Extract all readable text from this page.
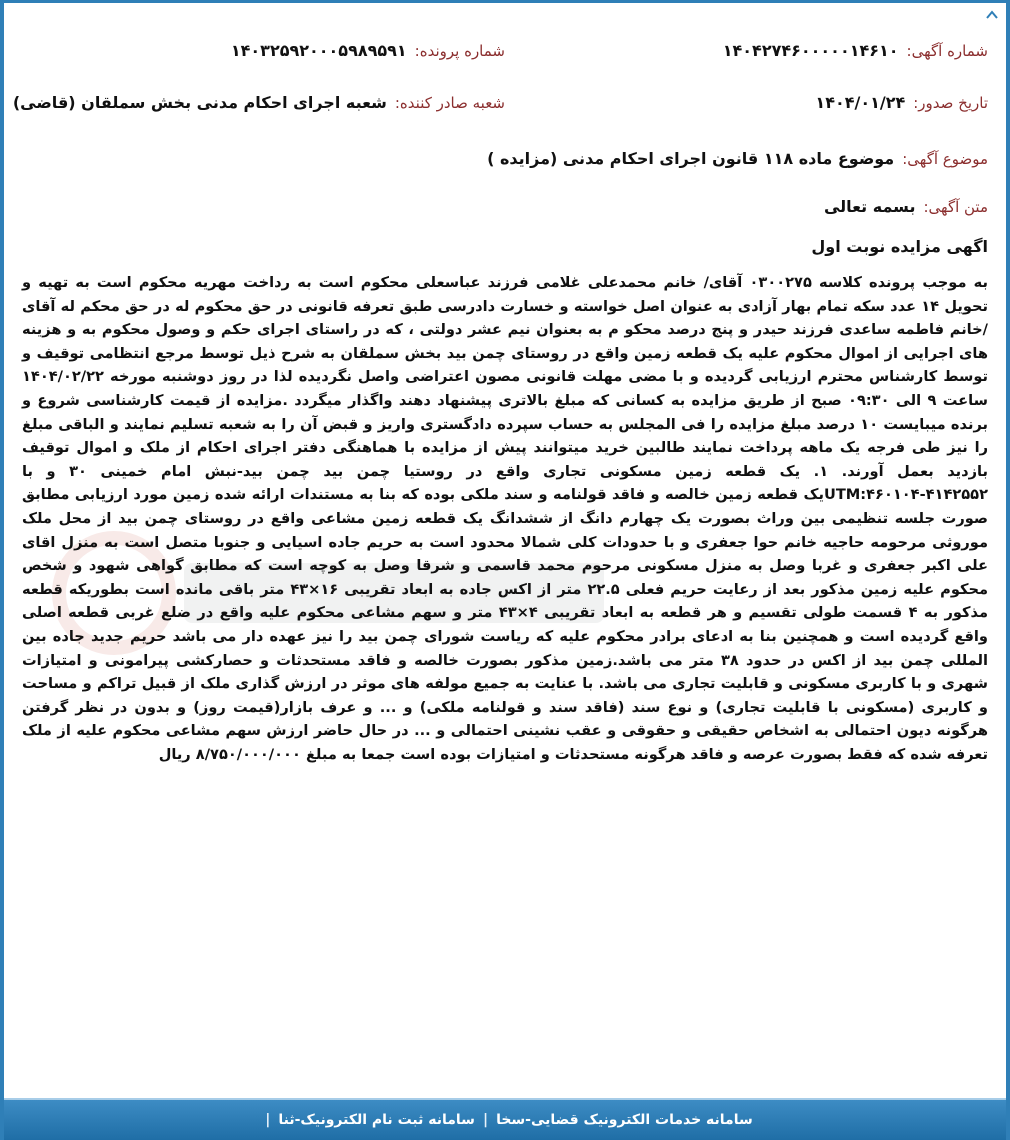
شماره آگهی:
۱۴۰۴۲۷۴۶۰۰۰۰۰۱۴۶۱۰
شماره پرونده:
۱۴۰۳۲۵۹۲۰۰۰۵۹۸۹۵۹۱
تاریخ صدور:
۱۴۰۴/۰۱/۲۴
شعبه صادر کننده:
شعبه اجرای احکام مدنی بخش سملقان (قاضی)
موضوع آگهی:
موضوع ماده ۱۱۸ قانون اجرای احکام مدنی (مزایده )
متن آگهی:
بسمه تعالی
اگهی مزایده نوبت اول
به موجب پرونده کلاسه ۰۳۰۰۲۷۵ آقای/ خانم محمدعلی غلامی فرزند عباسعلی محکوم است به رداخت مهریه محکوم است به تهیه و تحویل ۱۴ عدد سکه تمام بهار آزادی به عنوان اصل خواسته و خسارت دادرسی طبق تعرفه قانونی در حق محکوم له در حق محکم له آقای /خانم فاطمه ساعدی فرزند حیدر و پنج درصد محکو م به بعنوان نیم عشر دولتی ، که در راستای اجرای حکم و وصول محکوم به و هزینه های اجرایی از اموال محکوم علیه یک قطعه زمین واقع در روستای چمن بید بخش سملقان به شرح ذیل توسط مرجع انتظامی توقیف و توسط کارشناس محترم ارزیابی گردیده و با مضی مهلت قانونی مصون اعتراضی واصل نگردیده لذا در روز دوشنبه مورخه ۱۴۰۴/۰۲/۲۲ ساعت ۹ الی ۰۹:۳۰ صبح از طریق مزایده به کسانی که مبلغ بالاتری پیشنهاد دهند واگذار میگردد .مزایده از قیمت کارشناسی شروع و برنده میبایست ۱۰ درصد مبلغ مزایده را فی المجلس به حساب سپرده دادگستری واریز و قبض آن را به شعبه تسلیم نمایند و الباقی مبلغ را نیز طی فرجه یک ماهه پرداخت نمایند طالبین خرید میتوانند پیش از مزایده با هماهنگی دفتر اجرای احکام از ملک و اموال توقیف بازدید بعمل آورند. ۱. یک قطعه زمین مسکونی تجاری واقع در روستیا چمن بید چمن بید-نبش امام خمینی ۳۰ و با UTM:۴۶۰۱۰۴-۴۱۴۲۵۵۲یک قطعه زمین خالصه و فاقد قولنامه و سند ملکی بوده که بنا به مستندات ارائه شده زمین مورد ارزیابی مطابق صورت جلسه تنظیمی بین وراث بصورت یک چهارم دانگ از ششدانگ یک قطعه زمین مشاعی واقع در روستای چمن بید از محل ملک موروثی مرحومه حاجیه خانم حوا جعفری و با حدودات کلی شمالا محدود است به حریم جاده اسیایی و جنوبا متصل است به منزل اقای علی اکبر جعفری و غربا وصل به منزل مسکونی مرحوم محمد قاسمی و شرقا وصل به کوچه است که مطابق گواهی شهود و شخص محکوم علیه زمین مذکور بعد از رعایت حریم فعلی ۲۲.۵ متر از اکس جاده به ابعاد تقریبی ۱۶×۴۳ متر باقی مانده است بطوریکه قطعه مذکور به ۴ قسمت طولی تقسیم و هر قطعه به ابعاد تقریبی ۴×۴۳ متر و سهم مشاعی محکوم علیه واقع در ضلع غربی قطعه اصلی واقع گردیده است و همچنین بنا به ادعای برادر محکوم علیه که ریاست شورای چمن بید را نیز عهده دار می باشد حریم جدید جاده بین المللی چمن بید از اکس در حدود ۳۸ متر می باشد.زمین مذکور بصورت خالصه و فاقد مستحدثات و حصارکشی پیرامونی و امتیازات شهری و با کاربری مسکونی و قابلیت تجاری می باشد. با عنایت به جمیع مولفه های موثر در ارزش گذاری ملک از قبیل تراکم و مساحت و کاربری (مسکونی با قابلیت تجاری) و نوع سند (فاقد سند و قولنامه ملکی) و ... و عرف بازار(قیمت روز) و بدون در نظر گرفتن هرگونه دیون احتمالی به اشخاص حقیقی و حقوقی و عقب نشینی احتمالی و ... در حال حاضر ارزش سهم مشاعی محکوم علیه از ملک تعرفه شده که فقط بصورت عرصه و فاقد هرگونه مستحدثات و امتیازات بوده است جمعا به مبلغ ۸/۷۵۰/۰۰۰/۰۰۰ ریال
سامانه خدمات الکترونیک قضایی-سخا
|
سامانه ثبت نام الکترونیک-ثنا
|
